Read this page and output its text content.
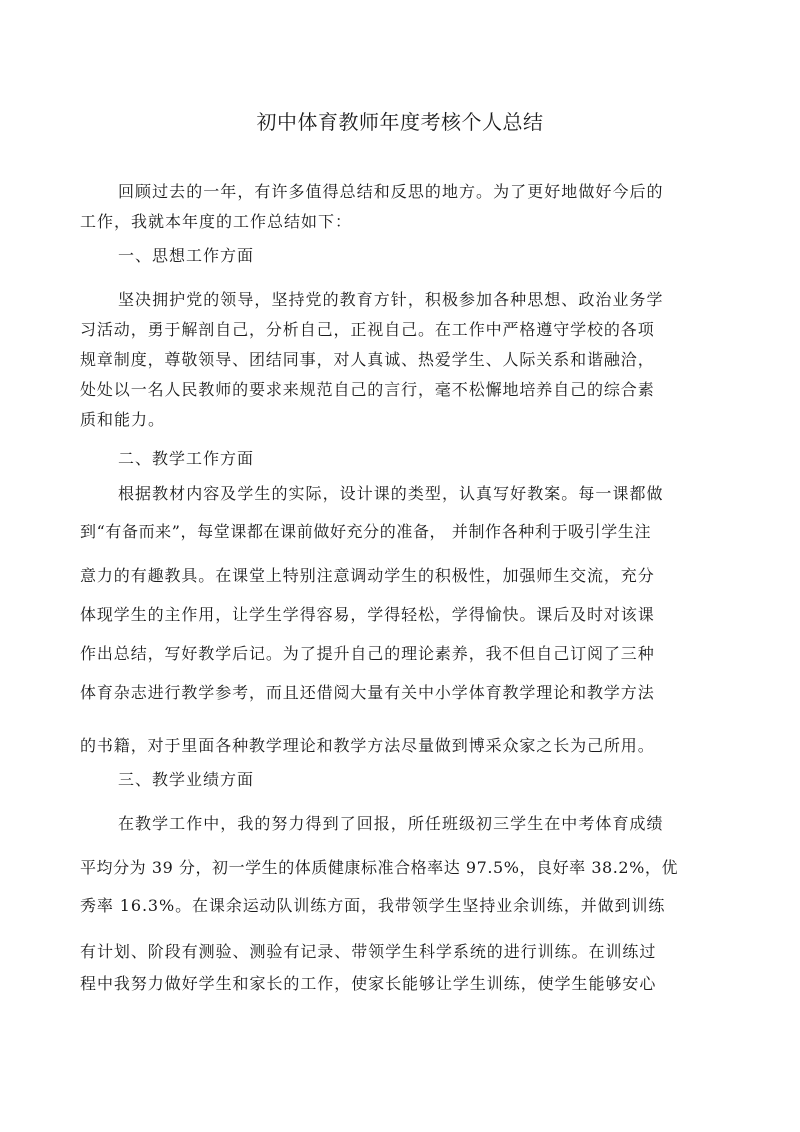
初中体育教师年度考核个人总结
回顾过去的一年，有许多值得总结和反思的地方。为了更好地做好今后的
工作，我就本年度的工作总结如下：
一、思想工作方面
坚决拥护党的领导，坚持党的教育方针，积极参加各种思想、政治业务学
习活动，勇于解剖自己，分析自己，正视自己。在工作中严格遵守学校的各项
规章制度，尊敬领导、团结同事，对人真诚、热爱学生、人际关系和谐融洽，
处处以一名人民教师的要求来规范自己的言行，毫不松懈地培养自己的综合素
质和能力。
二、教学工作方面
根据教材内容及学生的实际，设计课的类型，认真写好教案。每一课都做
到“有备而来”，每堂课都在课前做好充分的准备， 并制作各种利于吸引学生注
意力的有趣教具。在课堂上特别注意调动学生的积极性，加强师生交流，充分
体现学生的主作用，让学生学得容易，学得轻松，学得愉快。课后及时对该课
作出总结，写好教学后记。为了提升自己的理论素养，我不但自己订阅了三种
体育杂志进行教学参考，而且还借阅大量有关中小学体育教学理论和教学方法
的书籍，对于里面各种教学理论和教学方法尽量做到博采众家之长为己所用。
三、教学业绩方面
在教学工作中，我的努力得到了回报，所任班级初三学生在中考体育成绩
平均分为 39 分，初一学生的体质健康标准合格率达 97.5%，良好率 38.2%，优
秀率 16.3%。在课余运动队训练方面，我带领学生坚持业余训练，并做到训练
有计划、阶段有测验、测验有记录、带领学生科学系统的进行训练。在训练过
程中我努力做好学生和家长的工作，使家长能够让学生训练，使学生能够安心
